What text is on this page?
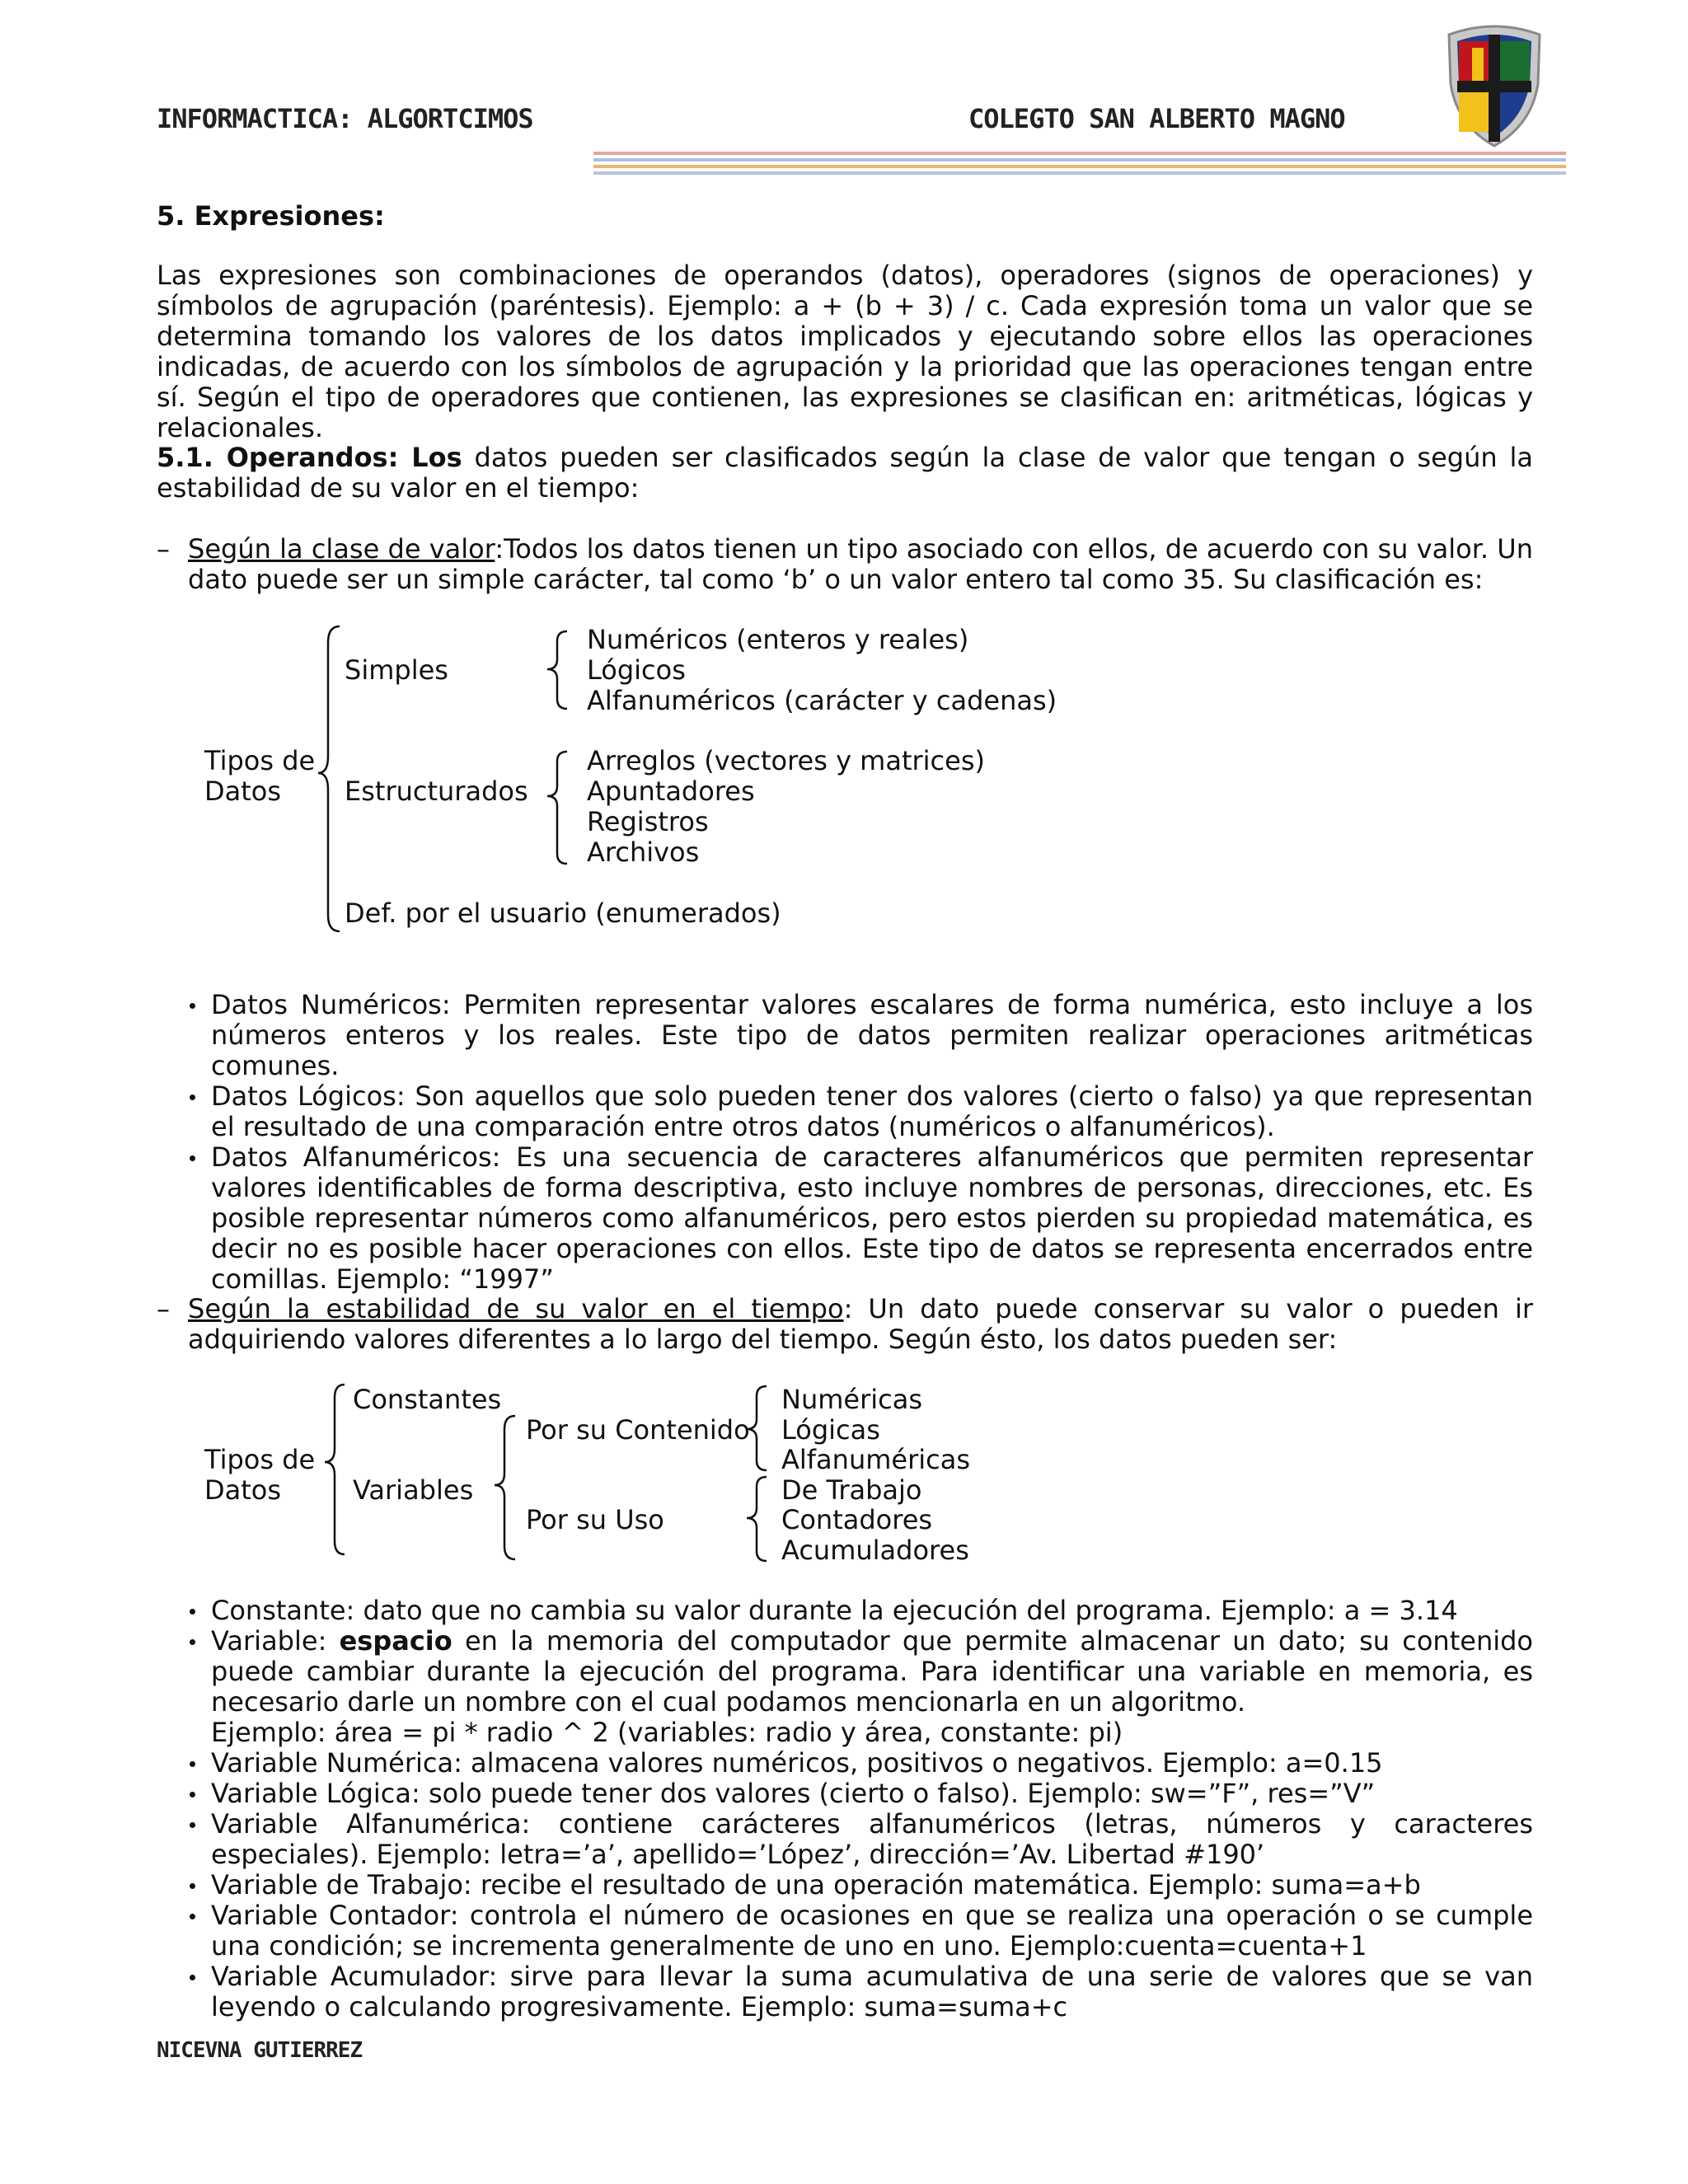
INFORMACTICA: ALGORTCIMOS	COLEGTO SAN ALBERTO MAGNO
5. Expresiones:
Las expresiones son combinaciones de operandos (datos), operadores (signos de operaciones) y símbolos de agrupación (paréntesis). Ejemplo: a + (b + 3) / c. Cada expresión toma un valor que se determina tomando los valores de los datos implicados y ejecutando sobre ellos las operaciones indicadas, de acuerdo con los símbolos de agrupación y la prioridad que las operaciones tengan entre sí. Según el tipo de operadores que contienen, las expresiones se clasifican en: aritméticas, lógicas y relacionales.
5.1. Operandos: Los datos pueden ser clasificados según la clase de valor que tengan o según la estabilidad de su valor en el tiempo:
– Según la clase de valor:Todos los datos tienen un tipo asociado con ellos, de acuerdo con su valor. Un dato puede ser un simple carácter, tal como ‘b’ o un valor entero tal como 35. Su clasificación es:
Tipos de
Datos
Simples
Numéricos (enteros y reales)
Lógicos
Alfanuméricos (carácter y cadenas)
Estructurados
Arreglos (vectores y matrices)
Apuntadores
Registros
Archivos
Def. por el usuario (enumerados)
Datos Numéricos: Permiten representar valores escalares de forma numérica, esto incluye a los números enteros y los reales. Este tipo de datos permiten realizar operaciones aritméticas comunes.
Datos Lógicos: Son aquellos que solo pueden tener dos valores (cierto o falso) ya que representan el resultado de una comparación entre otros datos (numéricos o alfanuméricos).
Datos Alfanuméricos: Es una secuencia de caracteres alfanuméricos que permiten representar valores identificables de forma descriptiva, esto incluye nombres de personas, direcciones, etc. Es posible representar números como alfanuméricos, pero estos pierden su propiedad matemática, es decir no es posible hacer operaciones con ellos. Este tipo de datos se representa encerrados entre comillas. Ejemplo: “1997”
– Según la estabilidad de su valor en el tiempo: Un dato puede conservar su valor o pueden ir adquiriendo valores diferentes a lo largo del tiempo. Según ésto, los datos pueden ser:
Tipos de
Datos
Constantes
Variables
Por su Contenido
Por su Uso
Numéricas
Lógicas
Alfanuméricas
De Trabajo
Contadores
Acumuladores
Constante: dato que no cambia su valor durante la ejecución del programa. Ejemplo: a = 3.14
Variable: espacio en la memoria del computador que permite almacenar un dato; su contenido puede cambiar durante la ejecución del programa. Para identificar una variable en memoria, es necesario darle un nombre con el cual podamos mencionarla en un algoritmo.
Ejemplo: área = pi * radio ^ 2 (variables: radio y área, constante: pi)
Variable Numérica: almacena valores numéricos, positivos o negativos. Ejemplo: a=0.15
Variable Lógica: solo puede tener dos valores (cierto o falso). Ejemplo: sw=”F”, res=”V”
Variable Alfanumérica: contiene carácteres alfanuméricos (letras, números y caracteres especiales). Ejemplo: letra=’a’, apellido=’López’, dirección=’Av. Libertad #190’
Variable de Trabajo: recibe el resultado de una operación matemática. Ejemplo: suma=a+b
Variable Contador: controla el número de ocasiones en que se realiza una operación o se cumple una condición; se incrementa generalmente de uno en uno. Ejemplo:cuenta=cuenta+1
Variable Acumulador: sirve para llevar la suma acumulativa de una serie de valores que se van leyendo o calculando progresivamente. Ejemplo: suma=suma+c
NICEVNA GUTIERREZ
